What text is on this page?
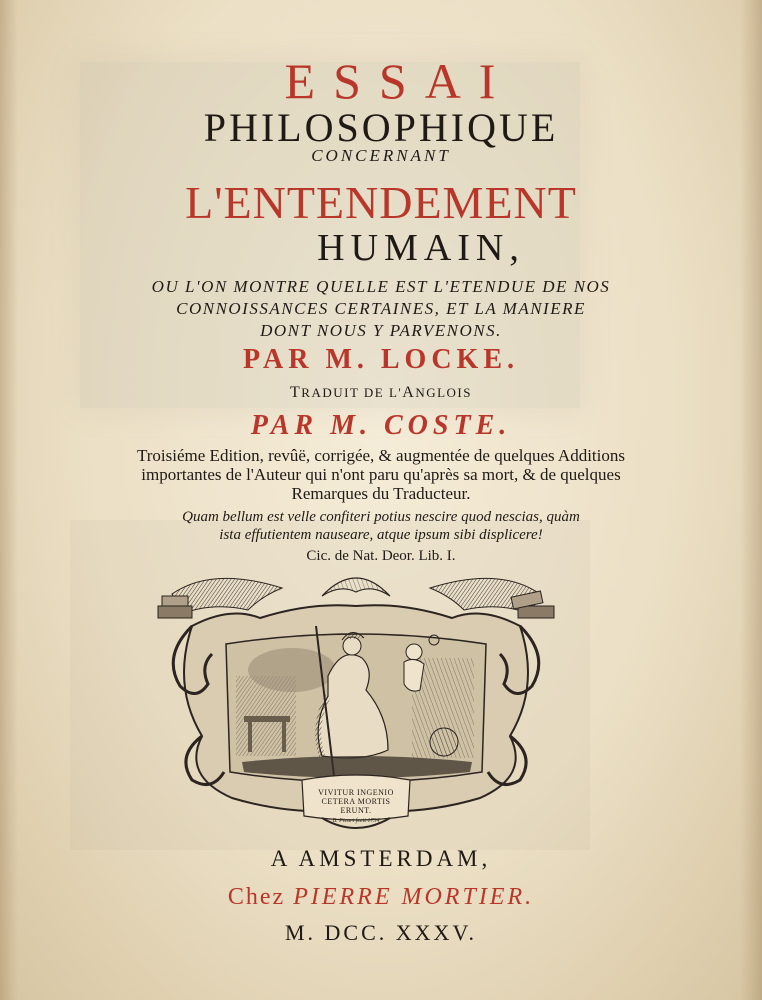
ESSAI
PHILOSOPHIQUE
CONCERNANT
L'ENTENDEMENT
HUMAIN,
OU L'ON MONTRE QUELLE EST L'ETENDUE DE NOS
CONNOISSANCES CERTAINES, ET LA MANIERE
DONT NOUS Y PARVENONS.
PAR M. LOCKE.
TRADUIT DE L'ANGLOIS
PAR M. COSTE.
Troisiéme Edition, revûë, corrigée, & augmentée de quelques Additions
importantes de l'Auteur qui n'ont paru qu'après sa mort, & de quelques
Remarques du Traducteur.
Quam bellum est velle confiteri potius nescire quod nescias, quàm
ista effutientem nauseare, atque ipsum sibi displicere!
Cic. de Nat. Deor. Lib. I.
VIVITUR INGENIO
CETERA MORTIS
ERUNT.
B. Picart fecit 1734
A AMSTERDAM,
Chez PIERRE MORTIER.
M. DCC. XXXV.
